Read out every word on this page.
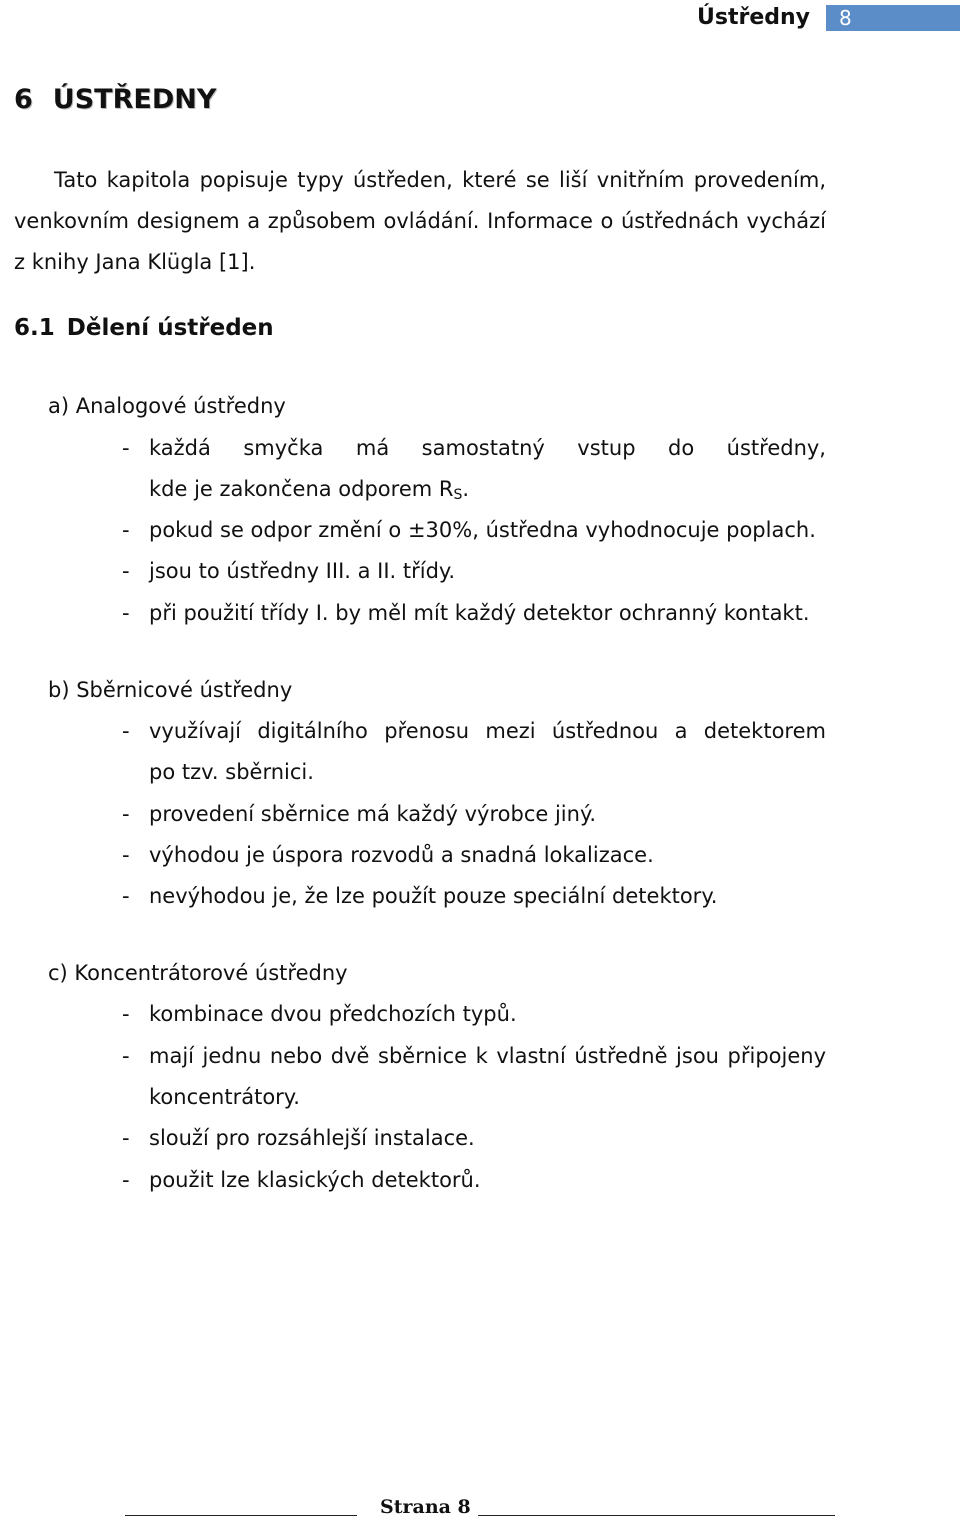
Ústředny	8
6 ÚSTŘEDNY
Tato kapitola popisuje typy ústředen, které se liší vnitřním provedením,
venkovním designem a způsobem ovládání. Informace o ústřednách vychází
z knihy Jana Klügla [1].
6.1 Dělení ústředen
a) Analogové ústředny
- každá smyčka má samostatný vstup do ústředny,
kde je zakončena odporem $R_S$.
- pokud se odpor změní o ±30%, ústředna vyhodnocuje poplach.
- jsou to ústředny III. a II. třídy.
- při použití třídy I. by měl mít každý detektor ochranný kontakt.
b) Sběrnicové ústředny
- využívají digitálního přenosu mezi ústřednou a detektorem
po tzv. sběrnici.
- provedení sběrnice má každý výrobce jiný.
- výhodou je úspora rozvodů a snadná lokalizace.
- nevýhodou je, že lze použít pouze speciální detektory.
c) Koncentrátorové ústředny
- kombinace dvou předchozích typů.
- mají jednu nebo dvě sběrnice k vlastní ústředně jsou připojeny
koncentrátory.
- slouží pro rozsáhlejší instalace.
- použit lze klasických detektorů.
Strana 8
